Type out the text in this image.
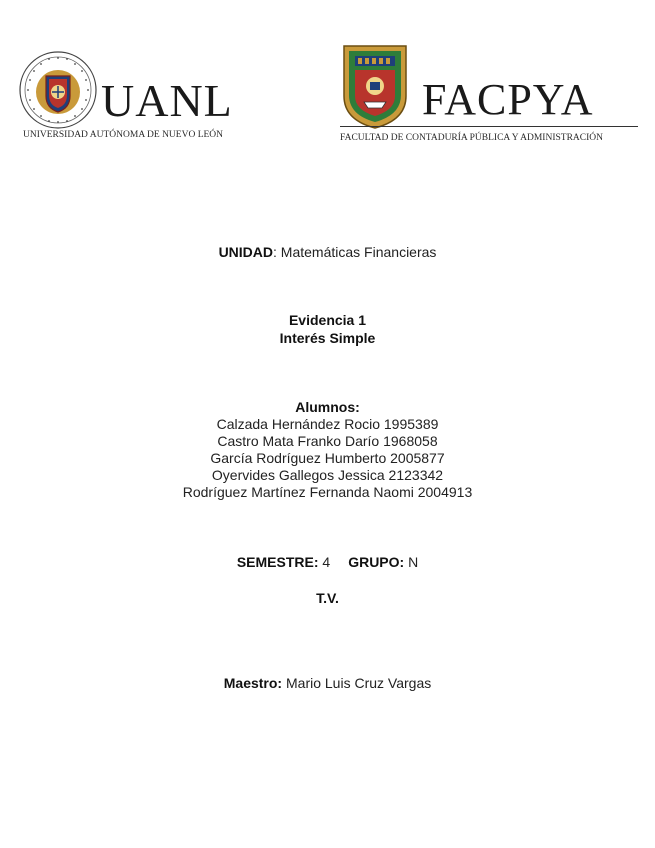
UANL
UNIVERSIDAD AUTÓNOMA DE NUEVO LEÓN
FACPYA
FACULTAD DE CONTADURÍA PÚBLICA Y ADMINISTRACIÓN
UNIDAD: Matemáticas Financieras
Evidencia 1
Interés Simple
Alumnos:
Calzada Hernández Rocio 1995389
Castro Mata Franko Darío 1968058
García Rodríguez Humberto 2005877
Oyervides Gallegos Jessica 2123342
Rodríguez Martínez Fernanda Naomi 2004913
SEMESTRE: 4 GRUPO: N
T.V.
Maestro: Mario Luis Cruz Vargas
